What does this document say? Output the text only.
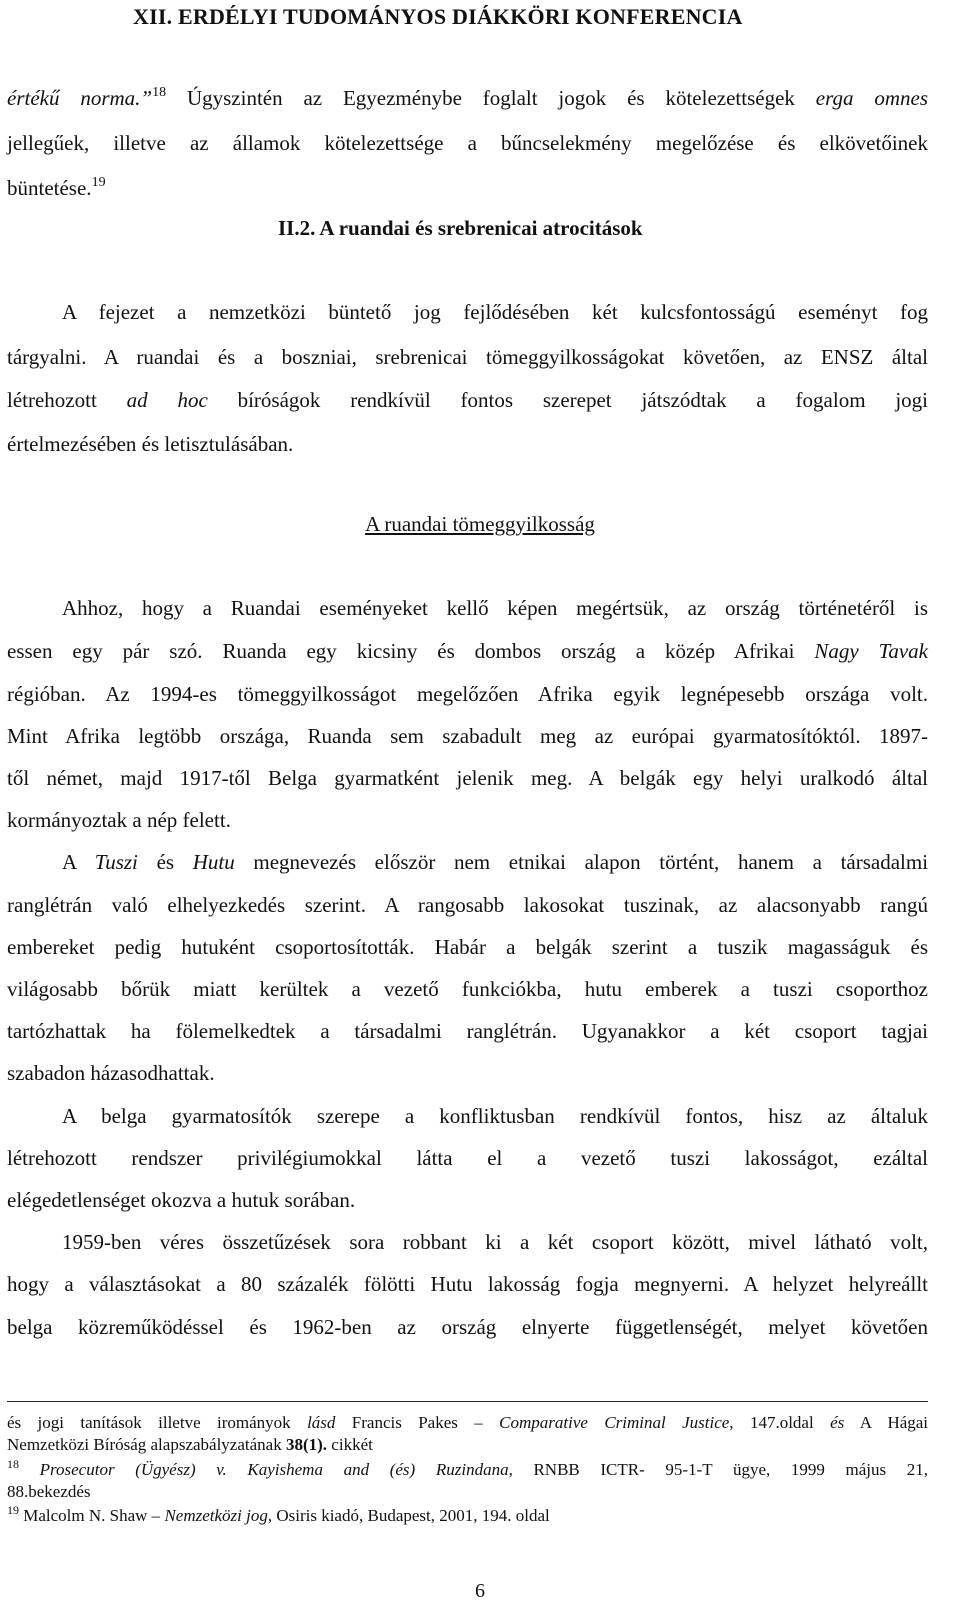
XII. ERDÉLYI TUDOMÁNYOS DIÁKKÖRI KONFERENCIA
értékű norma.”$^{18}$ Úgyszintén az Egyezménybe foglalt jogok és kötelezettségek erga omnes
jellegűek, illetve az államok kötelezettsége a bűncselekmény megelőzése és elkövetőinek
büntetése.$^{19}$
II.2. A ruandai és srebrenicai atrocitások
A fejezet a nemzetközi büntető jog fejlődésében két kulcsfontosságú eseményt fog
tárgyalni. A ruandai és a boszniai, srebrenicai tömeggyilkosságokat követően, az ENSZ által
létrehozott ad hoc bíróságok rendkívül fontos szerepet játszódtak a fogalom jogi
értelmezésében és letisztulásában.
A ruandai tömeggyilkosság
Ahhoz, hogy a Ruandai eseményeket kellő képen megértsük, az ország történetéről is
essen egy pár szó. Ruanda egy kicsiny és dombos ország a közép Afrikai Nagy Tavak
régióban. Az 1994-es tömeggyilkosságot megelőzően Afrika egyik legnépesebb országa volt.
Mint Afrika legtöbb országa, Ruanda sem szabadult meg az európai gyarmatosítóktól. 1897-
től német, majd 1917-től Belga gyarmatként jelenik meg. A belgák egy helyi uralkodó által
kormányoztak a nép felett.
A Tuszi és Hutu megnevezés először nem etnikai alapon történt, hanem a társadalmi
ranglétrán való elhelyezkedés szerint. A rangosabb lakosokat tuszinak, az alacsonyabb rangú
embereket pedig hutuként csoportosították. Habár a belgák szerint a tuszik magasságuk és
világosabb bőrük miatt kerültek a vezető funkciókba, hutu emberek a tuszi csoporthoz
tartózhattak ha fölemelkedtek a társadalmi ranglétrán. Ugyanakkor a két csoport tagjai
szabadon házasodhattak.
A belga gyarmatosítók szerepe a konfliktusban rendkívül fontos, hisz az általuk
létrehozott rendszer privilégiumokkal látta el a vezető tuszi lakosságot, ezáltal
elégedetlenséget okozva a hutuk sorában.
1959-ben véres összetűzések sora robbant ki a két csoport között, mivel látható volt,
hogy a választásokat a 80 százalék fölötti Hutu lakosság fogja megnyerni. A helyzet helyreállt
belga közreműködéssel és 1962-ben az ország elnyerte függetlenségét, melyet követően
és jogi tanítások illetve irományok lásd Francis Pakes – Comparative Criminal Justice, 147.oldal és A Hágai
Nemzetközi Bíróság alapszabályzatának 38(1). cikkét
$^{18}$ Prosecutor (Ügyész) v. Kayishema and (és) Ruzindana, RNBB ICTR- 95-1-T ügye, 1999 május 21,
88.bekezdés
$^{19}$ Malcolm N. Shaw – Nemzetközi jog, Osiris kiadó, Budapest, 2001, 194. oldal
6
